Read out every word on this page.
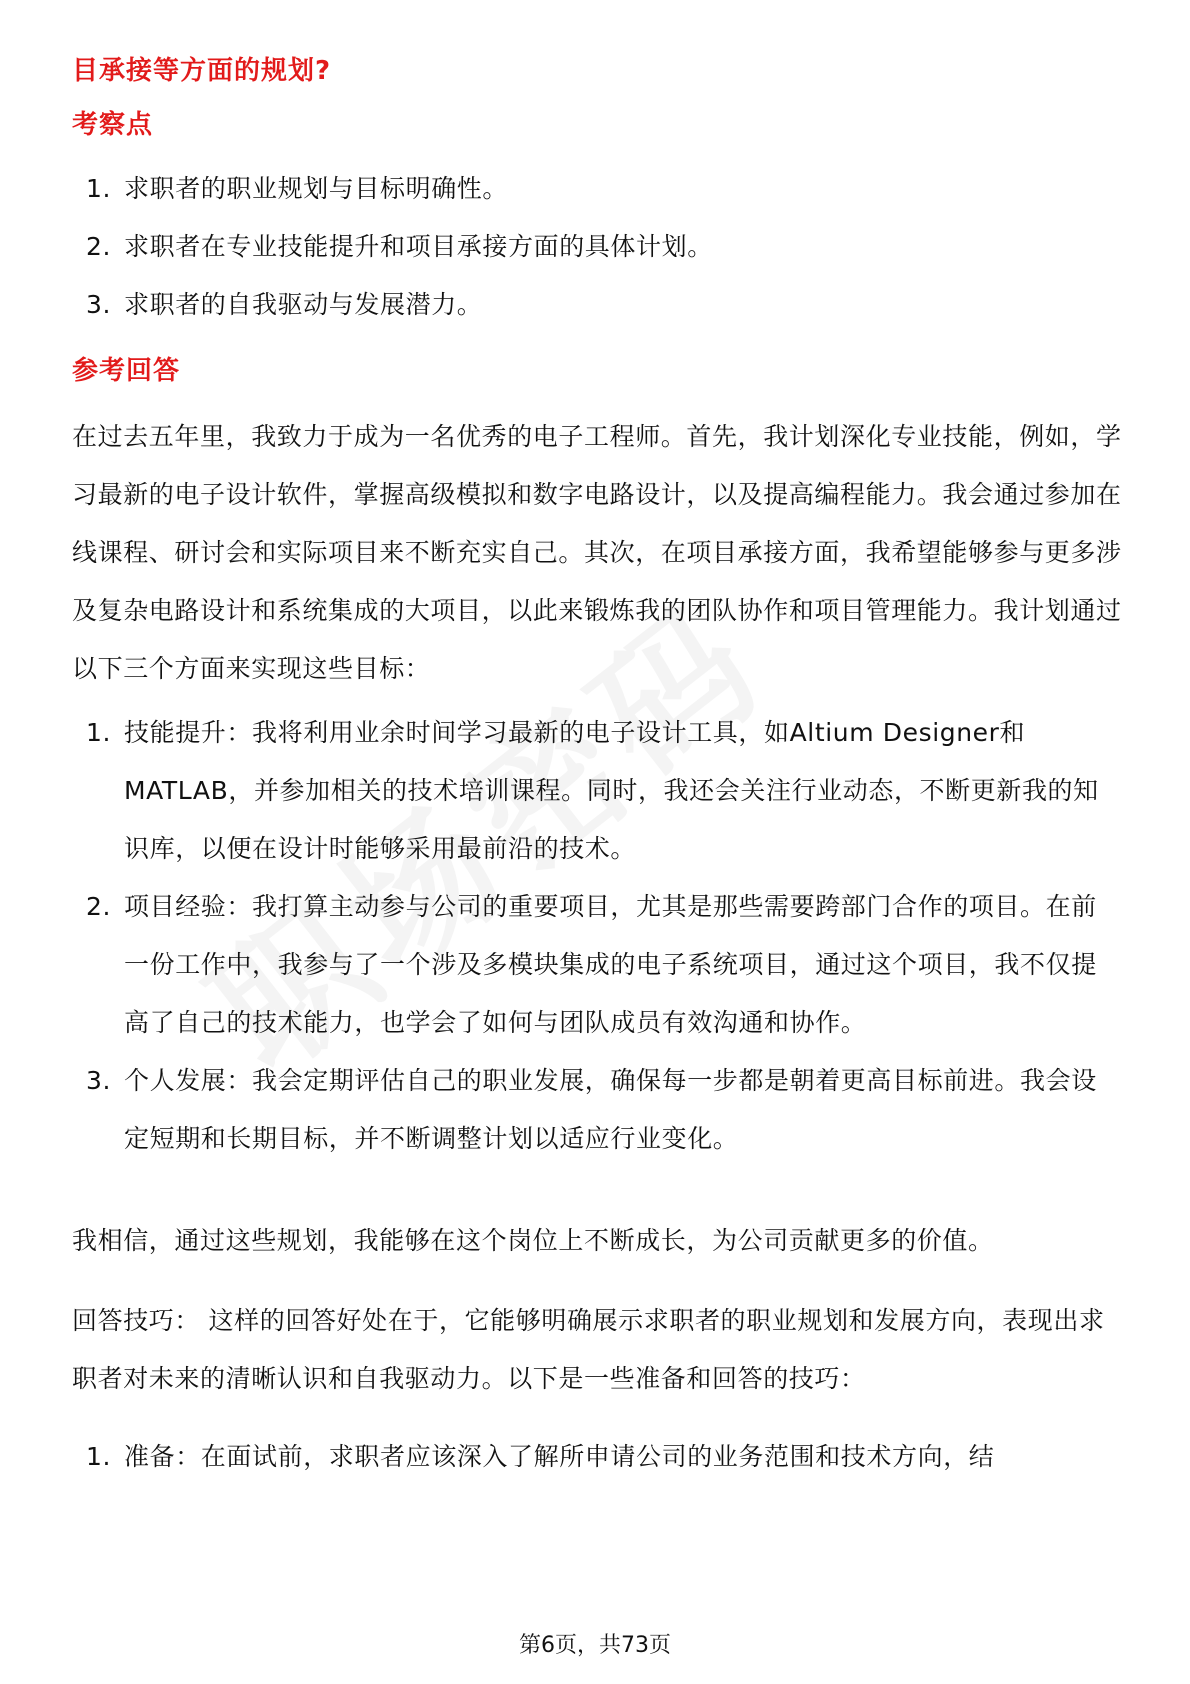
目承接等方面的规划?
考察点
1. 求职者的职业规划与目标明确性。
2. 求职者在专业技能提升和项目承接方面的具体计划。
3. 求职者的自我驱动与发展潜力。
参考回答

在过去五年里，我致力于成为一名优秀的电子工程师。首先，我计划深化专业技能，例如，学习最新的电子设计软件，掌握高级模拟和数字电路设计，以及提高编程能力。我会通过参加在线课程、研讨会和实际项目来不断充实自己。其次，在项目承接方面，我希望能够参与更多涉及复杂电路设计和系统集成的大项目，以此来锻炼我的团队协作和项目管理能力。我计划通过以下三个方面来实现这些目标：

1. 技能提升：我将利用业余时间学习最新的电子设计工具，如Altium Designer和MATLAB，并参加相关的技术培训课程。同时，我还会关注行业动态，不断更新我的知识库，以便在设计时能够采用最前沿的技术。
2. 项目经验：我打算主动参与公司的重要项目，尤其是那些需要跨部门合作的项目。在前一份工作中，我参与了一个涉及多模块集成的电子系统项目，通过这个项目，我不仅提高了自己的技术能力，也学会了如何与团队成员有效沟通和协作。
3. 个人发展：我会定期评估自己的职业发展，确保每一步都是朝着更高目标前进。我会设定短期和长期目标，并不断调整计划以适应行业变化。

我相信，通过这些规划，我能够在这个岗位上不断成长，为公司贡献更多的价值。

回答技巧： 这样的回答好处在于，它能够明确展示求职者的职业规划和发展方向，表现出求职者对未来的清晰认识和自我驱动力。以下是一些准备和回答的技巧：

1. 准备：在面试前，求职者应该深入了解所申请公司的业务范围和技术方向，结
第6页，共73页
